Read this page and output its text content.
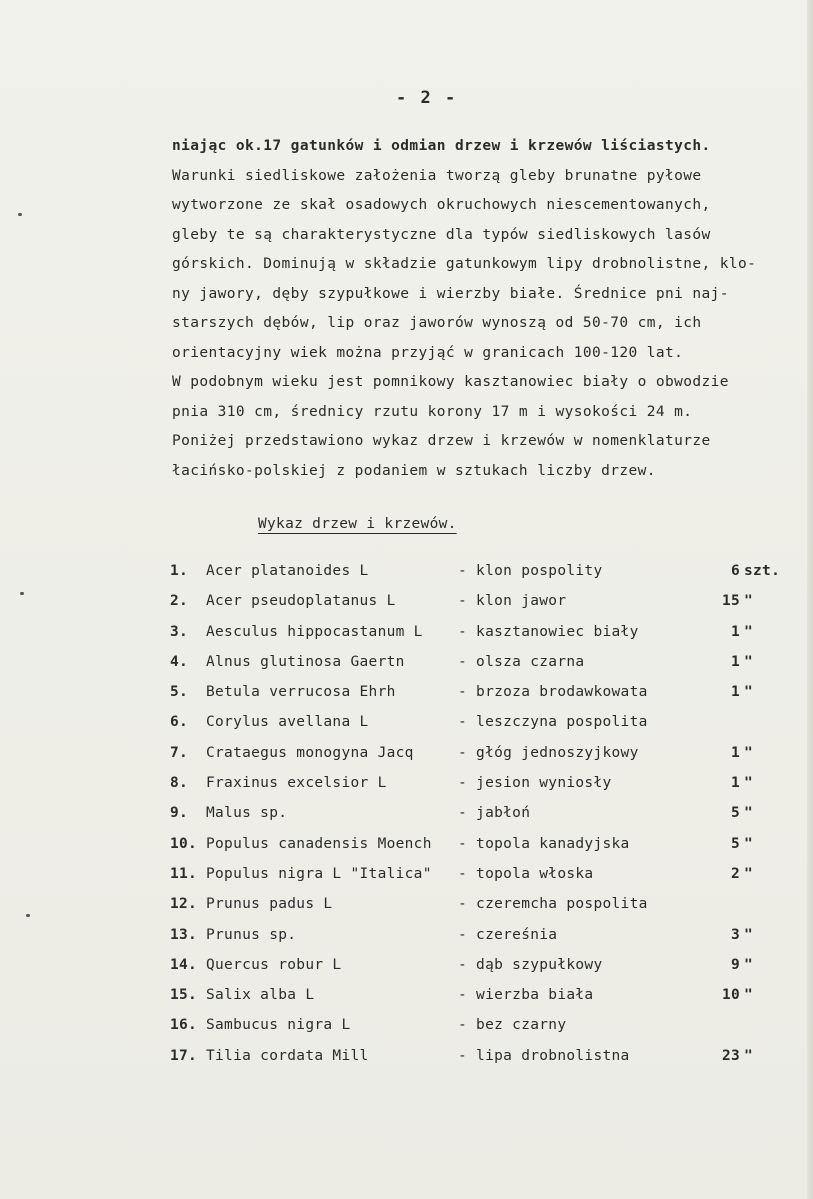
- 2 -
niając ok.17 gatunków i odmian drzew i krzewów liściastych.
Warunki siedliskowe założenia tworzą gleby brunatne pyłowe
wytworzone ze skał osadowych okruchowych niescementowanych,
gleby te są charakterystyczne dla typów siedliskowych lasów
górskich. Dominują w składzie gatunkowym lipy drobnolistne, klo-
ny jawory, dęby szypułkowe i wierzby białe. Średnice pni naj-
starszych dębów, lip oraz jaworów wynoszą od 50-70 cm, ich
orientacyjny wiek można przyjąć w granicach 100-120 lat.
W podobnym wieku jest pomnikowy kasztanowiec biały o obwodzie
pnia 310 cm, średnicy rzutu korony 17 m i wysokości 24 m.
Poniżej przedstawiono wykaz drzew i krzewów w nomenklaturze
łacińsko-polskiej z podaniem w sztukach liczby drzew.
Wykaz drzew i krzewów.
1.	Acer platanoides L	- klon pospolity	6 szt.
2.	Acer pseudoplatanus L	- klon jawor	15 "
3.	Aesculus hippocastanum L - kasztanowiec biały	1 "
4.	Alnus glutinosa Gaertn	- olsza czarna	1 "
5.	Betula verrucosa Ehrh	- brzoza brodawkowata	1 "
6.	Corylus avellana L	- leszczyna pospolita
7.	Crataegus monogyna Jacq	- głóg jednoszyjkowy	1 "
8.	Fraxinus excelsior L	- jesion wyniosły	1 "
9.	Malus sp.	- jabłoń	5 "
10. Populus canadensis Moench - topola kanadyjska	5 "
11. Populus nigra L "Italica" - topola włoska	2 "
12. Prunus padus L	- czeremcha pospolita
13. Prunus sp.	- czereśnia	3 "
14. Quercus robur L	- dąb szypułkowy	9 "
15. Salix alba L	- wierzba biała	10 "
16. Sambucus nigra L	- bez czarny
17. Tilia cordata Mill	- lipa drobnolistna	23 "
